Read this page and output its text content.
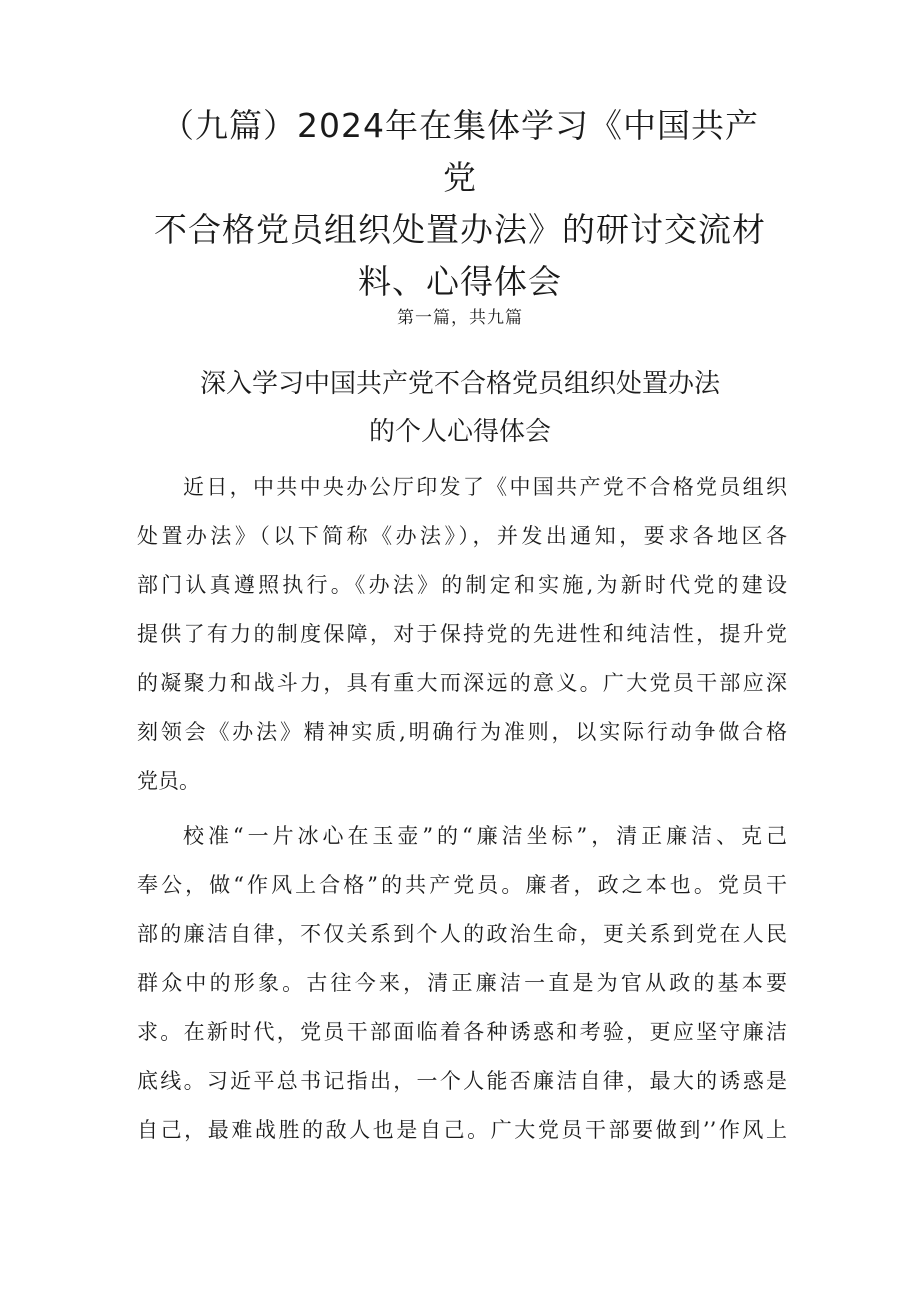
（九篇）2024年在集体学习《中国共产党
不合格党员组织处置办法》的研讨交流材
料、心得体会
第一篇，共九篇
深入学习中国共产党不合格党员组织处置办法
的个人心得体会
近日，中共中央办公厅印发了《中国共产党不合格党员组织
处置办法》（以下简称《办法》），并发出通知，要求各地区各
部门认真遵照执行。《办法》的制定和实施,为新时代党的建设
提供了有力的制度保障，对于保持党的先进性和纯洁性，提升党
的凝聚力和战斗力，具有重大而深远的意义。广大党员干部应深
刻领会《办法》精神实质,明确行为准则，以实际行动争做合格
党员。
校准“一片冰心在玉壶”的“廉洁坐标”，清正廉洁、克己
奉公，做“作风上合格”的共产党员。廉者，政之本也。党员干
部的廉洁自律，不仅关系到个人的政治生命，更关系到党在人民
群众中的形象。古往今来，清正廉洁一直是为官从政的基本要
求。在新时代，党员干部面临着各种诱惑和考验，更应坚守廉洁
底线。习近平总书记指出，一个人能否廉洁自律，最大的诱惑是
自己，最难战胜的敌人也是自己。广大党员干部要做到’’作风上
